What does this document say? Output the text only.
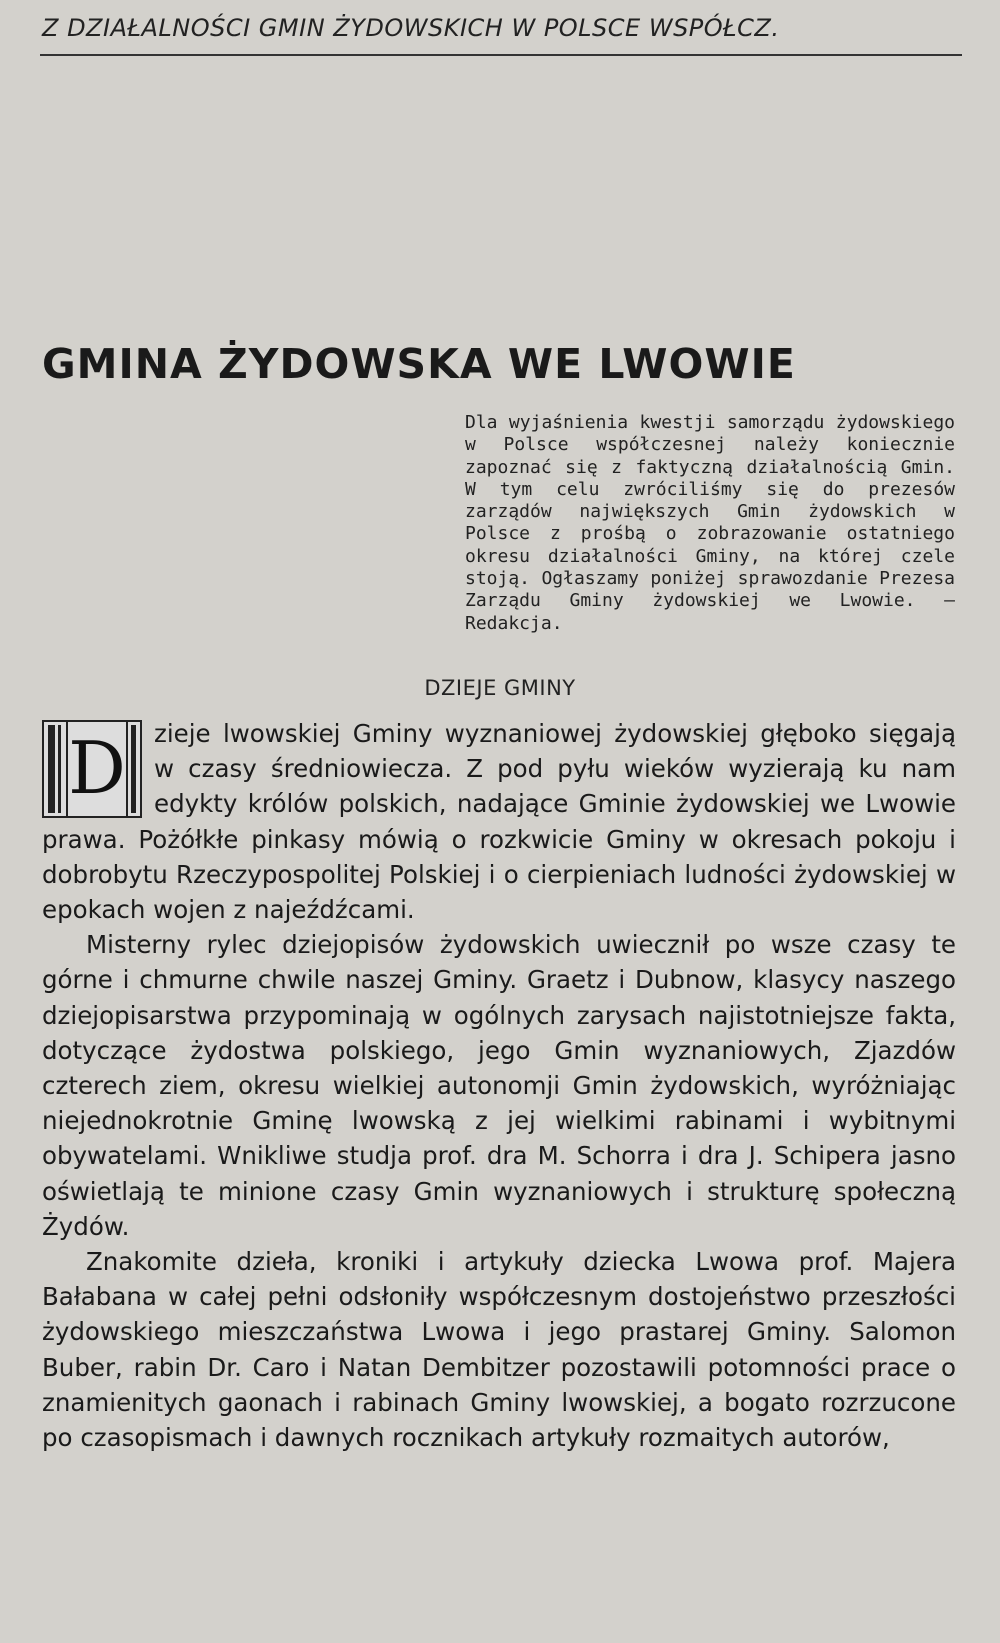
Z DZIAŁALNOŚCI GMIN ŻYDOWSKICH W POLSCE WSPÓŁCZ.
GMINA ŻYDOWSKA WE LWOWIE
Dla wyjaśnienia kwestji samorządu żydowskiego w Polsce współczesnej należy koniecznie zapoznać się z faktyczną działalnością Gmin. W tym celu zwróciliśmy się do prezesów zarządów największych Gmin żydowskich w Polsce z prośbą o zobrazowanie ostatniego okresu działalności Gminy, na której czele stoją. Ogłaszamy poniżej sprawozdanie Prezesa Zarządu Gminy żydowskiej we Lwowie. — Redakcja.
DZIEJE GMINY

D zieje lwowskiej Gminy wyznaniowej żydowskiej głęboko sięgają w czasy średniowiecza. Z pod pyłu wieków wyzierają ku nam edykty królów polskich, nadające Gminie żydowskiej we Lwowie prawa. Pożółkłe pinkasy mówią o rozkwicie Gminy w okresach pokoju i dobrobytu Rzeczypospolitej Polskiej i o cierpieniach ludności żydowskiej w epokach wojen z najeźdźcami.

Misterny rylec dziejopisów żydowskich uwiecznił po wsze czasy te górne i chmurne chwile naszej Gminy. Graetz i Dubnow, klasycy naszego dziejopisarstwa przypominają w ogólnych zarysach najistotniejsze fakta, dotyczące żydostwa polskiego, jego Gmin wyznaniowych, Zjazdów czterech ziem, okresu wielkiej autonomji Gmin żydowskich, wyróżniając niejednokrotnie Gminę lwowską z jej wielkimi rabinami i wybitnymi obywatelami. Wnikliwe studja prof. dra M. Schorra i dra J. Schipera jasno oświetlają te minione czasy Gmin wyznaniowych i strukturę społeczną Żydów.

Znakomite dzieła, kroniki i artykuły dziecka Lwowa prof. Majera Bałabana w całej pełni odsłoniły współczesnym dostojeństwo przeszłości żydowskiego mieszczaństwa Lwowa i jego prastarej Gminy. Salomon Buber, rabin Dr. Caro i Natan Dembitzer pozostawili potomności prace o znamienitych gaonach i rabinach Gminy lwowskiej, a bogato rozrzucone po czasopismach i dawnych rocznikach artykuły rozmaitych autorów,
